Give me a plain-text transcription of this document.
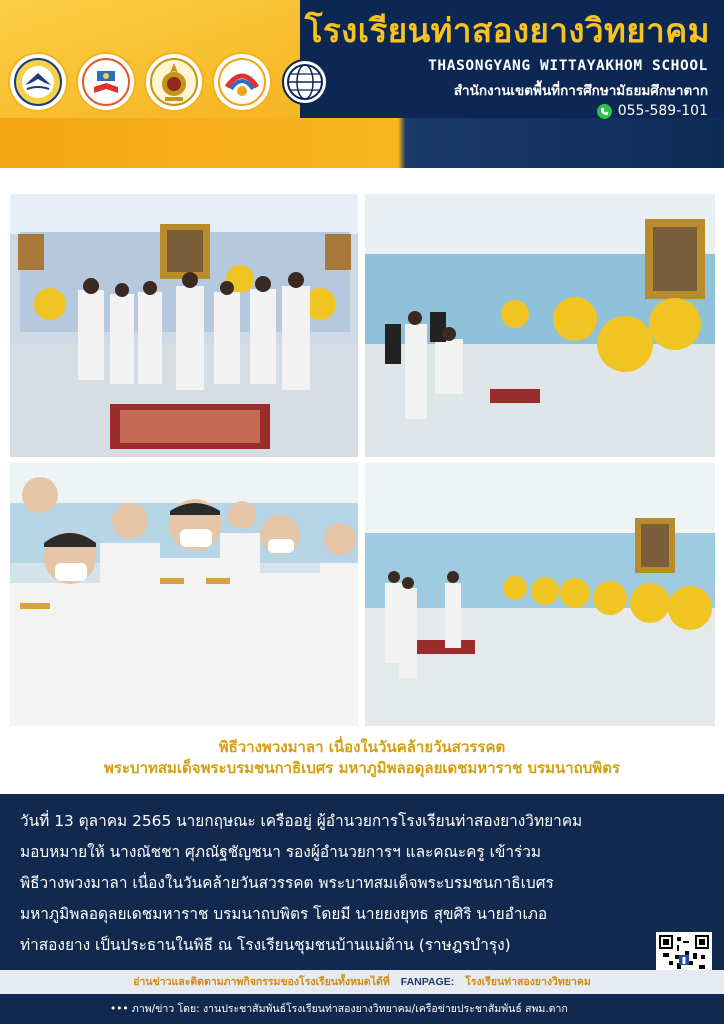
WORLD
STANDARD
CLASS
SCHOOL
โรงเรียนท่าสองยางวิทยาคม
THASONGYANG WITTAYAKHOM SCHOOL
สำนักงานเขตพื้นที่การศึกษามัธยมศึกษาตาก
055-589-101
พิธีวางพวงมาลา เนื่องในวันคล้ายวันสวรรคต
พระบาทสมเด็จพระบรมชนกาธิเบศร มหาภูมิพลอดุลยเดชมหาราช บรมนาถบพิตร
วันที่ 13 ตุลาคม 2565 นายกฤษณะ เครืออยู่ ผู้อำนวยการโรงเรียนท่าสองยางวิทยาคม
มอบหมายให้ นางณัชชา ศุภณัฐชัญชนา รองผู้อำนวยการฯ และคณะครู เข้าร่วม
พิธีวางพวงมาลา เนื่องในวันคล้ายวันสวรรคต พระบาทสมเด็จพระบรมชนกาธิเบศร
มหาภูมิพลอดุลยเดชมหาราช บรมนาถบพิตร โดยมี นายยงยุทธ สุขศิริ นายอำเภอ
ท่าสองยาง เป็นประธานในพิธี ณ โรงเรียนชุมชนบ้านแม่ต้าน (ราษฎรบำรุง)
อ่านข่าวและติดตามภาพกิจกรรมของโรงเรียนทั้งหมดได้ที่ FANPAGE: โรงเรียนท่าสองยางวิทยาคม
••• ภาพ/ข่าว โดย: งานประชาสัมพันธ์โรงเรียนท่าสองยางวิทยาคม/เครือข่ายประชาสัมพันธ์ สพม.ตาก
